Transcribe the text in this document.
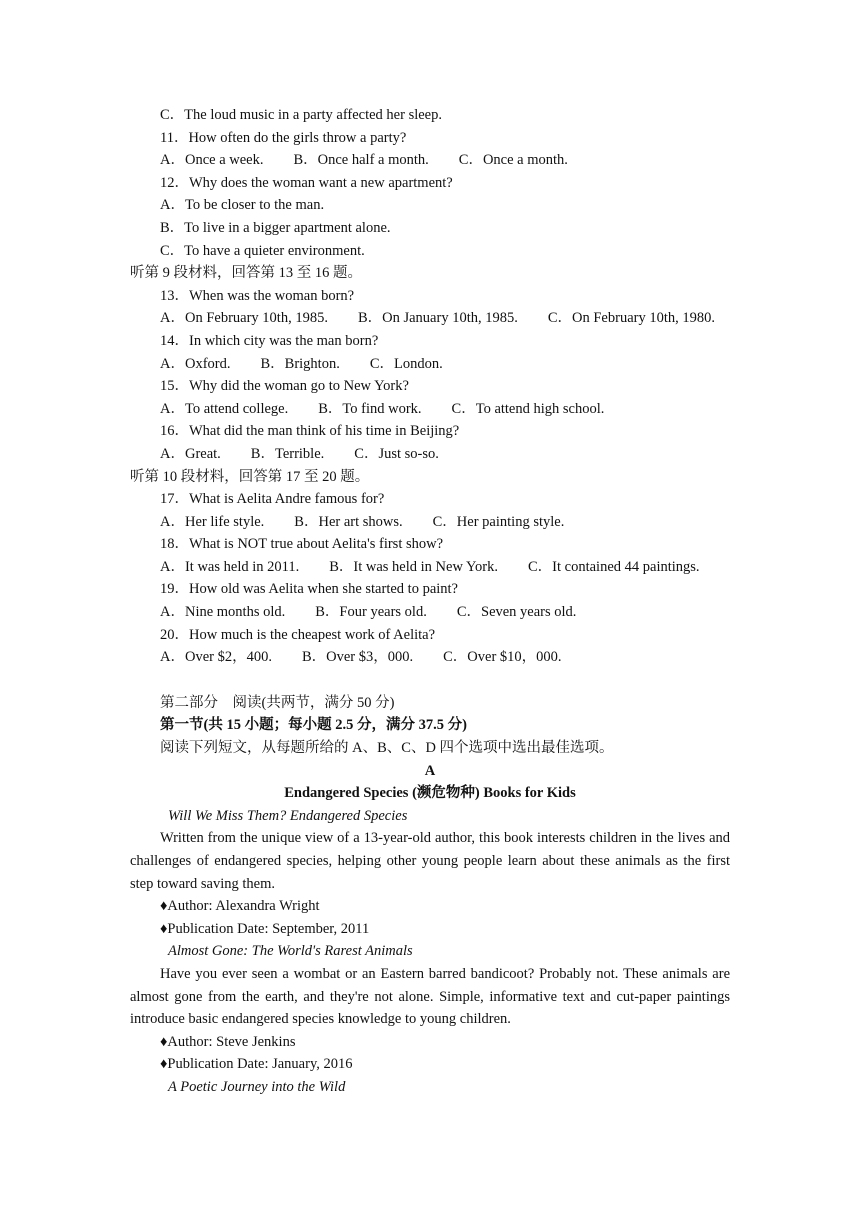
C．The loud music in a party affected her sleep.
11．How often do the girls throw a party?
A．Once a week. B．Once half a month. C．Once a month.
12．Why does the woman want a new apartment?
A．To be closer to the man.
B．To live in a bigger apartment alone.
C．To have a quieter environment.
听第 9 段材料，回答第 13 至 16 题。
13．When was the woman born?
A．On February 10th, 1985. B．On January 10th, 1985. C．On February 10th, 1980.
14．In which city was the man born?
A．Oxford. B．Brighton. C．London.
15．Why did the woman go to New York?
A．To attend college. B．To find work. C．To attend high school.
16．What did the man think of his time in Beijing?
A．Great. B．Terrible. C．Just so-so.
听第 10 段材料，回答第 17 至 20 题。
17．What is Aelita Andre famous for?
A．Her life style. B．Her art shows. C．Her painting style.
18．What is NOT true about Aelita's first show?
A．It was held in 2011. B．It was held in New York. C．It contained 44 paintings.
19．How old was Aelita when she started to paint?
A．Nine months old. B．Four years old. C．Seven years old.
20．How much is the cheapest work of Aelita?
A．Over $2，400. B．Over $3，000. C．Over $10，000.
第二部分　阅读(共两节，满分 50 分)
第一节(共 15 小题；每小题 2.5 分，满分 37.5 分)
阅读下列短文，从每题所给的 A、B、C、D 四个选项中选出最佳选项。
A
Endangered Species (濒危物种) Books for Kids
Will We Miss Them? Endangered Species
Written from the unique view of a 13-year-old author, this book interests children in the lives and challenges of endangered species, helping other young people learn about these animals as the first step toward saving them.
♦Author: Alexandra Wright
♦Publication Date: September, 2011
Almost Gone: The World's Rarest Animals
Have you ever seen a wombat or an Eastern barred bandicoot? Probably not. These animals are almost gone from the earth, and they're not alone. Simple, informative text and cut-paper paintings introduce basic endangered species knowledge to young children.
♦Author: Steve Jenkins
♦Publication Date: January, 2016
A Poetic Journey into the Wild
